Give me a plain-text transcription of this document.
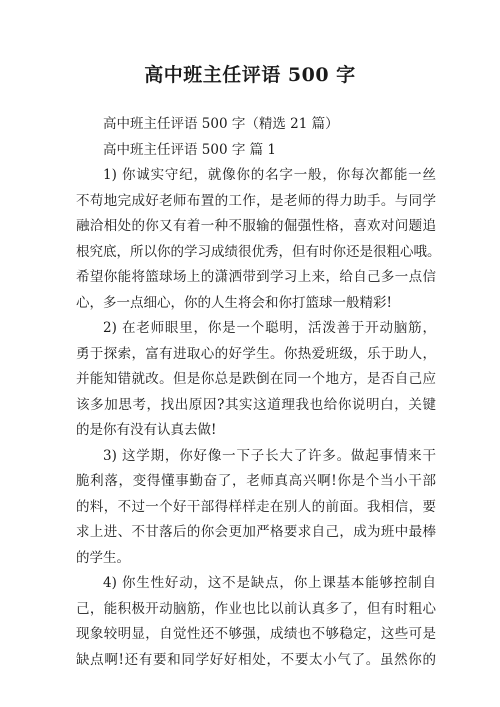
高中班主任评语 500 字
高中班主任评语 500 字（精选 21 篇）
高中班主任评语 500 字 篇 1
1) 你诚实守纪，就像你的名字一般，你每次都能一丝
不苟地完成好老师布置的工作，是老师的得力助手。与同学
融洽相处的你又有着一种不服输的倔强性格，喜欢对问题追
根究底，所以你的学习成绩很优秀，但有时你还是很粗心哦。
希望你能将篮球场上的潇洒带到学习上来，给自己多一点信
心，多一点细心，你的人生将会和你打篮球一般精彩!
2) 在老师眼里，你是一个聪明，活泼善于开动脑筋，
勇于探索，富有进取心的好学生。你热爱班级，乐于助人，
并能知错就改。但是你总是跌倒在同一个地方，是否自己应
该多加思考，找出原因?其实这道理我也给你说明白，关键
的是你有没有认真去做!
3) 这学期，你好像一下子长大了许多。做起事情来干
脆利落，变得懂事勤奋了，老师真高兴啊!你是个当小干部
的料，不过一个好干部得样样走在别人的前面。我相信，要
求上进、不甘落后的你会更加严格要求自己，成为班中最棒
的学生。
4) 你生性好动，这不是缺点，你上课基本能够控制自
己，能积极开动脑筋，作业也比以前认真多了，但有时粗心
现象较明显，自觉性还不够强，成绩也不够稳定，这些可是
缺点啊!还有要和同学好好相处，不要太小气了。虽然你的
